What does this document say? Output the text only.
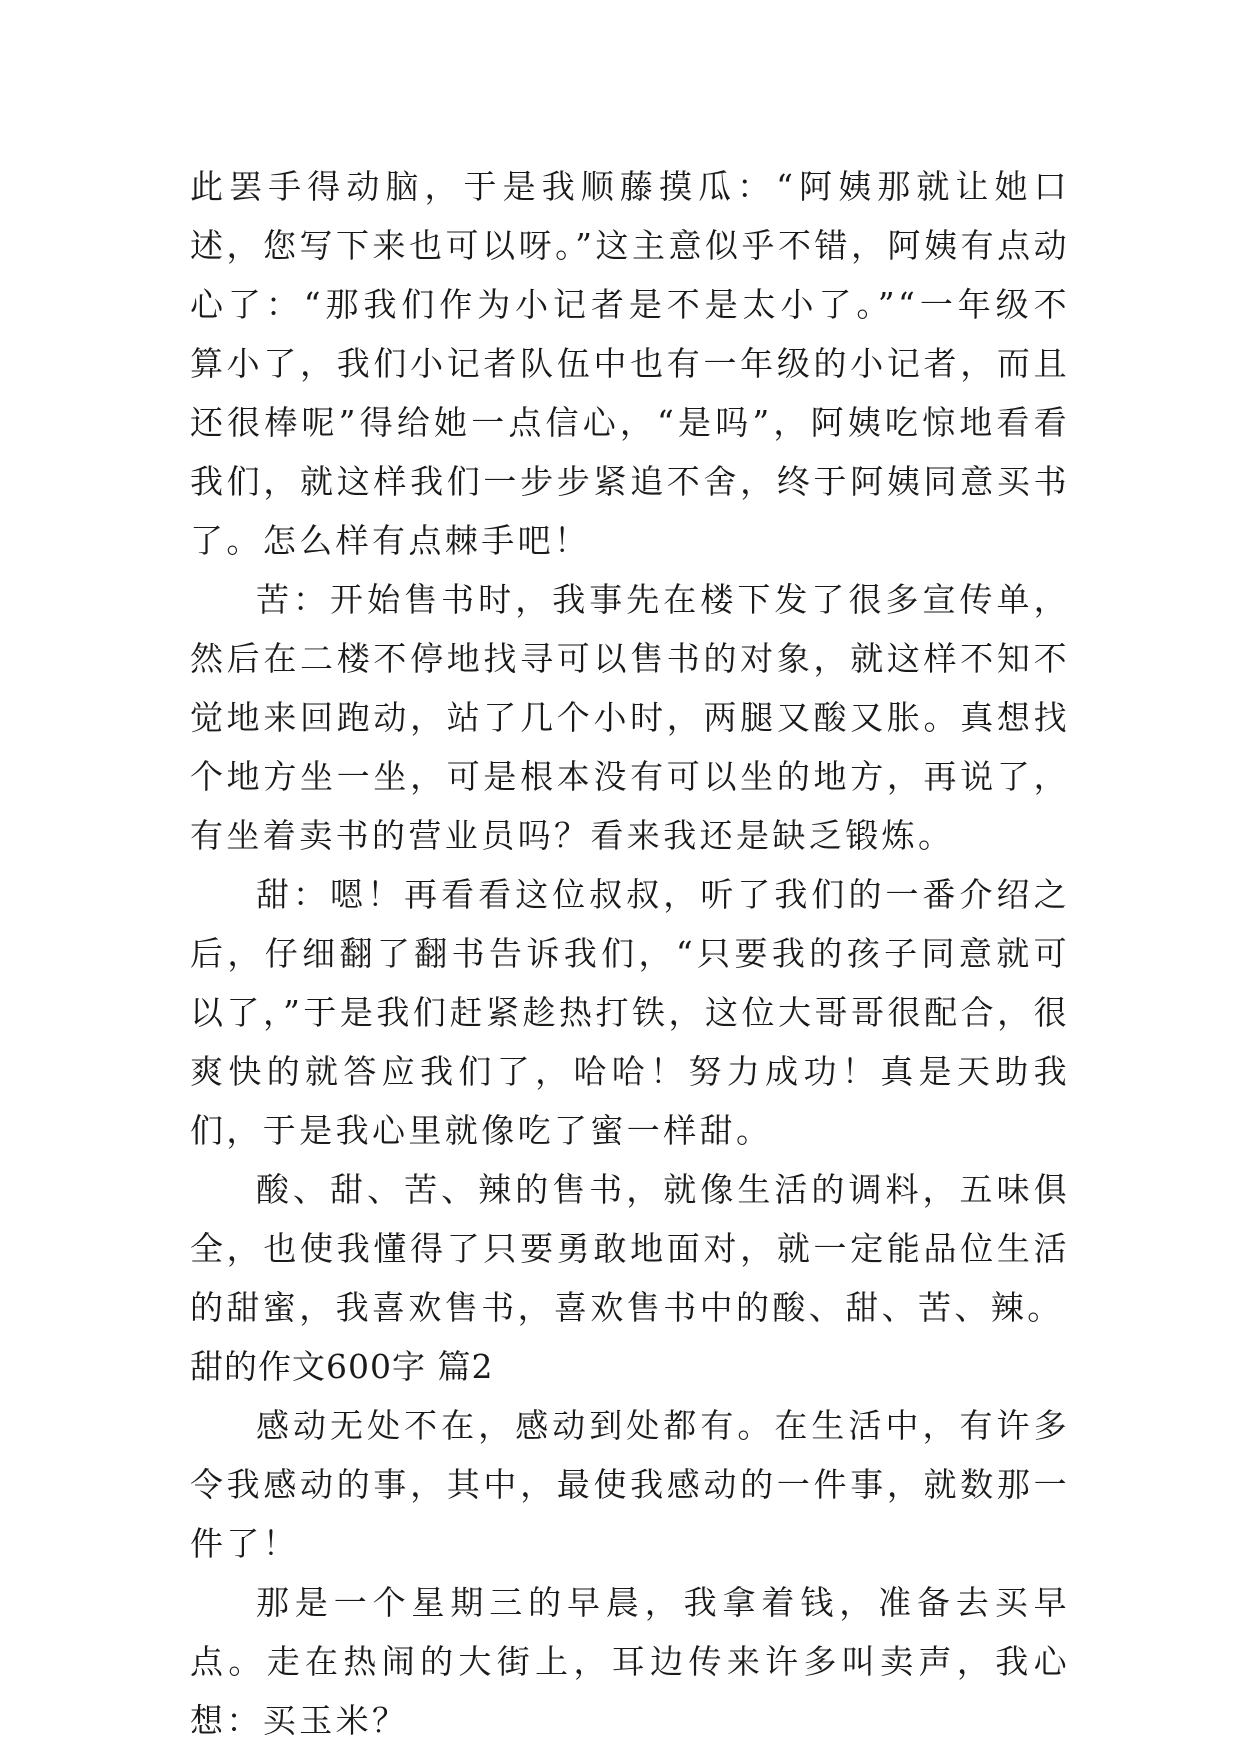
此罢手得动脑，于是我顺藤摸瓜：“阿姨那就让她口述，您写下来也可以呀。”这主意似乎不错，阿姨有点动心了：“那我们作为小记者是不是太小了。”“一年级不算小了，我们小记者队伍中也有一年级的小记者，而且还很棒呢”得给她一点信心，“是吗”，阿姨吃惊地看看我们，就这样我们一步步紧追不舍，终于阿姨同意买书了。怎么样有点棘手吧！

苦：开始售书时，我事先在楼下发了很多宣传单，然后在二楼不停地找寻可以售书的对象，就这样不知不觉地来回跑动，站了几个小时，两腿又酸又胀。真想找个地方坐一坐，可是根本没有可以坐的地方，再说了，有坐着卖书的营业员吗？看来我还是缺乏锻炼。

甜：嗯！再看看这位叔叔，听了我们的一番介绍之后，仔细翻了翻书告诉我们，“只要我的孩子同意就可以了，”于是我们赶紧趁热打铁，这位大哥哥很配合，很爽快的就答应我们了，哈哈！努力成功！真是天助我们，于是我心里就像吃了蜜一样甜。

酸、甜、苦、辣的售书，就像生活的调料，五味俱全，也使我懂得了只要勇敢地面对，就一定能品位生活的甜蜜，我喜欢售书，喜欢售书中的酸、甜、苦、辣。

甜的作文600字 篇2

感动无处不在，感动到处都有。在生活中，有许多令我感动的事，其中，最使我感动的一件事，就数那一件了！

那是一个星期三的早晨，我拿着钱，准备去买早点。走在热闹的大街上，耳边传来许多叫卖声，我心想：买玉米？
